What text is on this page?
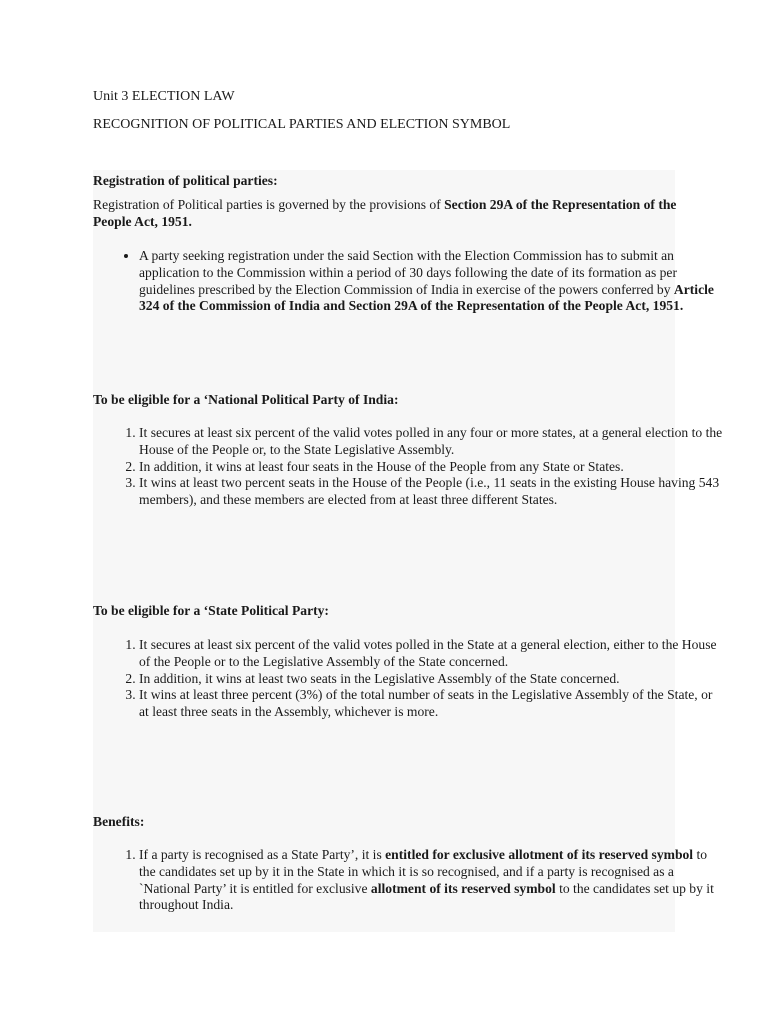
Unit 3 ELECTION LAW

RECOGNITION OF POLITICAL PARTIES AND ELECTION SYMBOL

Registration of political parties:

Registration of Political parties is governed by the provisions of Section 29A of the Representation of the People Act, 1951.

• A party seeking registration under the said Section with the Election Commission has to submit an application to the Commission within a period of 30 days following the date of its formation as per guidelines prescribed by the Election Commission of India in exercise of the powers conferred by Article 324 of the Commission of India and Section 29A of the Representation of the People Act, 1951.

To be eligible for a ‘National Political Party of India:

1. It secures at least six percent of the valid votes polled in any four or more states, at a general election to the House of the People or, to the State Legislative Assembly.
2. In addition, it wins at least four seats in the House of the People from any State or States.
3. It wins at least two percent seats in the House of the People (i.e., 11 seats in the existing House having 543 members), and these members are elected from at least three different States.

To be eligible for a ‘State Political Party:

1. It secures at least six percent of the valid votes polled in the State at a general election, either to the House of the People or to the Legislative Assembly of the State concerned.
2. In addition, it wins at least two seats in the Legislative Assembly of the State concerned.
3. It wins at least three percent (3%) of the total number of seats in the Legislative Assembly of the State, or at least three seats in the Assembly, whichever is more.

Benefits:

1. If a party is recognised as a State Party’, it is entitled for exclusive allotment of its reserved symbol to the candidates set up by it in the State in which it is so recognised, and if a party is recognised as a `National Party’ it is entitled for exclusive allotment of its reserved symbol to the candidates set up by it throughout India.
